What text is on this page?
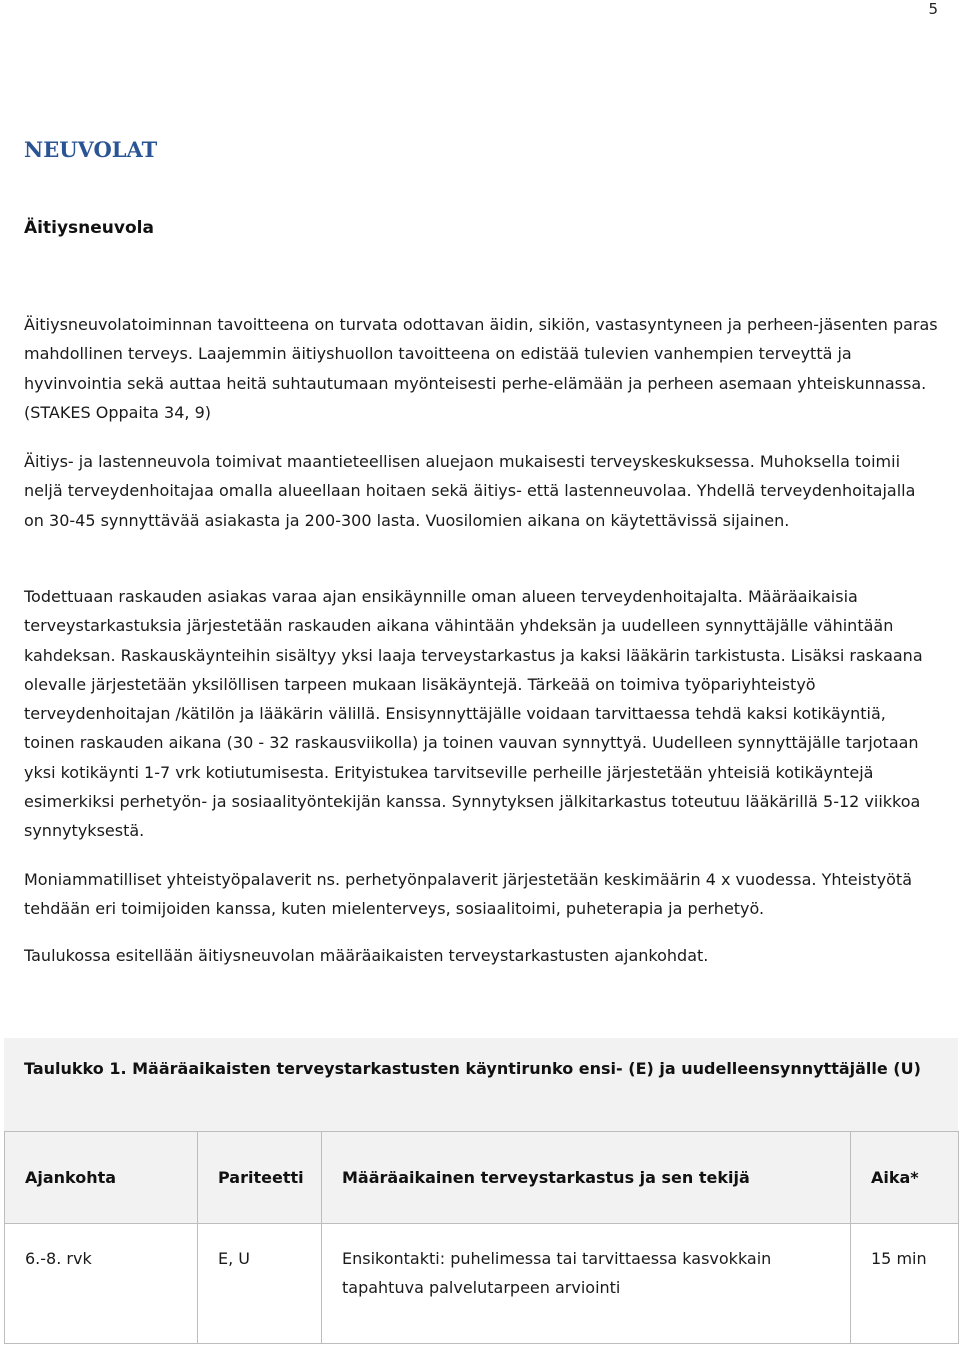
5
NEUVOLAT
Äitiysneuvola

Äitiysneuvolatoiminnan tavoitteena on turvata odottavan äidin, sikiön, vastasyntyneen ja perheen-jäsenten paras mahdollinen terveys. Laajemmin äitiyshuollon tavoitteena on edistää tulevien vanhempien terveyttä ja hyvinvointia sekä auttaa heitä suhtautumaan myönteisesti perhe-elämään ja perheen asemaan yhteiskunnassa. (STAKES Oppaita 34, 9)

Äitiys- ja lastenneuvola toimivat maantieteellisen aluejaon mukaisesti terveyskeskuksessa. Muhoksella toimii neljä terveydenhoitajaa omalla alueellaan hoitaen sekä äitiys- että lastenneuvolaa. Yhdellä terveydenhoitajalla on 30-45 synnyttävää asiakasta ja 200-300 lasta. Vuosilomien aikana on käytettävissä sijainen.

Todettuaan raskauden asiakas varaa ajan ensikäynnille oman alueen terveydenhoitajalta. Määräaikaisia terveystarkastuksia järjestetään raskauden aikana vähintään yhdeksän ja uudelleen synnyttäjälle vähintään kahdeksan. Raskauskäynteihin sisältyy yksi laaja terveystarkastus ja kaksi lääkärin tarkistusta. Lisäksi raskaana olevalle järjestetään yksilöllisen tarpeen mukaan lisäkäyntejä. Tärkeää on toimiva työpariyhteistyö terveydenhoitajan /kätilön ja lääkärin välillä. Ensisynnyttäjälle voidaan tarvittaessa tehdä kaksi kotikäyntiä, toinen raskauden aikana (30 - 32 raskausviikolla) ja toinen vauvan synnyttyä. Uudelleen synnyttäjälle tarjotaan yksi kotikäynti 1-7 vrk kotiutumisesta. Erityistukea tarvitseville perheille järjestetään yhteisiä kotikäyntejä esimerkiksi perhetyön- ja sosiaalityöntekijän kanssa. Synnytyksen jälkitarkastus toteutuu lääkärillä 5-12 viikkoa synnytyksestä.

Moniammatilliset yhteistyöpalaverit ns. perhetyönpalaverit järjestetään keskimäärin 4 x vuodessa. Yhteistyötä tehdään eri toimijoiden kanssa, kuten mielenterveys, sosiaalitoimi, puheterapia ja perhetyö.

Taulukossa esitellään äitiysneuvolan määräaikaisten terveystarkastusten ajankohdat.

Taulukko 1. Määräaikaisten terveystarkastusten käyntirunko ensi- (E) ja uudelleensynnyttäjälle (U)
Ajankohta	Pariteetti	Määräaikainen terveystarkastus ja sen tekijä	Aika*
6.-8. rvk	E, U	Ensikontakti: puhelimessa tai tarvittaessa kasvokkain tapahtuva palvelutarpeen arviointi	15 min
